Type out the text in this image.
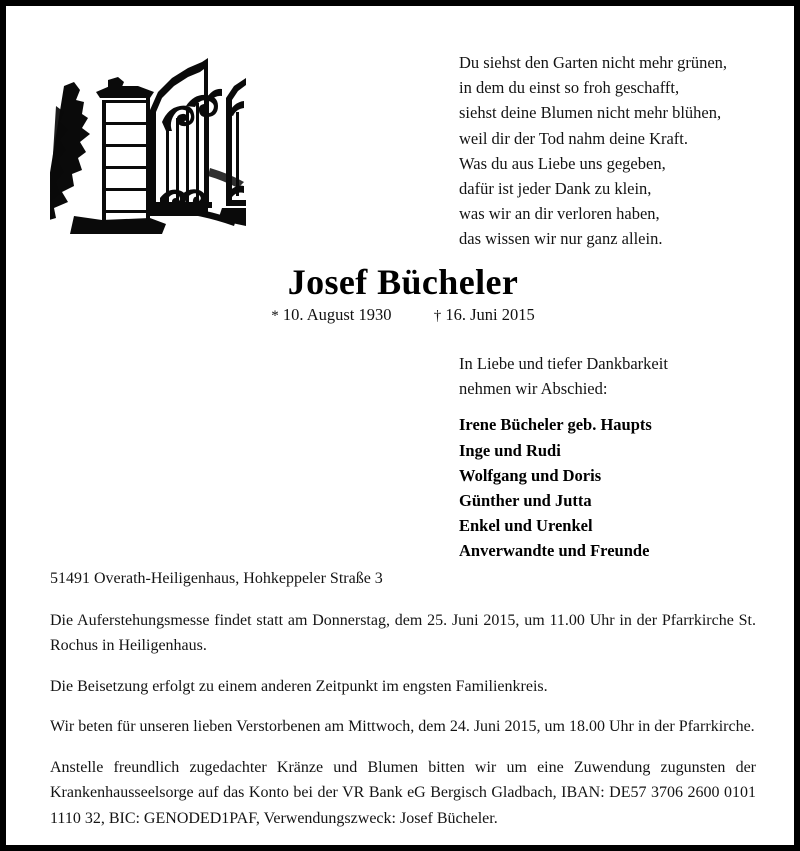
Du siehst den Garten nicht mehr grünen,
in dem du einst so froh geschafft,
siehst deine Blumen nicht mehr blühen,
weil dir der Tod nahm deine Kraft.
Was du aus Liebe uns gegeben,
dafür ist jeder Dank zu klein,
was wir an dir verloren haben,
das wissen wir nur ganz allein.
Josef Bücheler
* 10. August 1930	† 16. Juni 2015
In Liebe und tiefer Dankbarkeit
nehmen wir Abschied:
Irene Bücheler geb. Haupts
Inge und Rudi
Wolfgang und Doris
Günther und Jutta
Enkel und Urenkel
Anverwandte und Freunde

51491 Overath-Heiligenhaus, Hohkeppeler Straße 3

Die Auferstehungsmesse findet statt am Donnerstag, dem 25. Juni 2015, um 11.00 Uhr in der Pfarrkirche St. Rochus in Heiligenhaus.

Die Beisetzung erfolgt zu einem anderen Zeitpunkt im engsten Familienkreis.

Wir beten für unseren lieben Verstorbenen am Mittwoch, dem 24. Juni 2015, um 18.00 Uhr in der Pfarrkirche.

Anstelle freundlich zugedachter Kränze und Blumen bitten wir um eine Zuwendung zugunsten der Krankenhausseelsorge auf das Konto bei der VR Bank eG Bergisch Gladbach, IBAN: DE57 3706 2600 0101 1110 32, BIC: GENODED1PAF, Verwendungszweck: Josef Bücheler.
